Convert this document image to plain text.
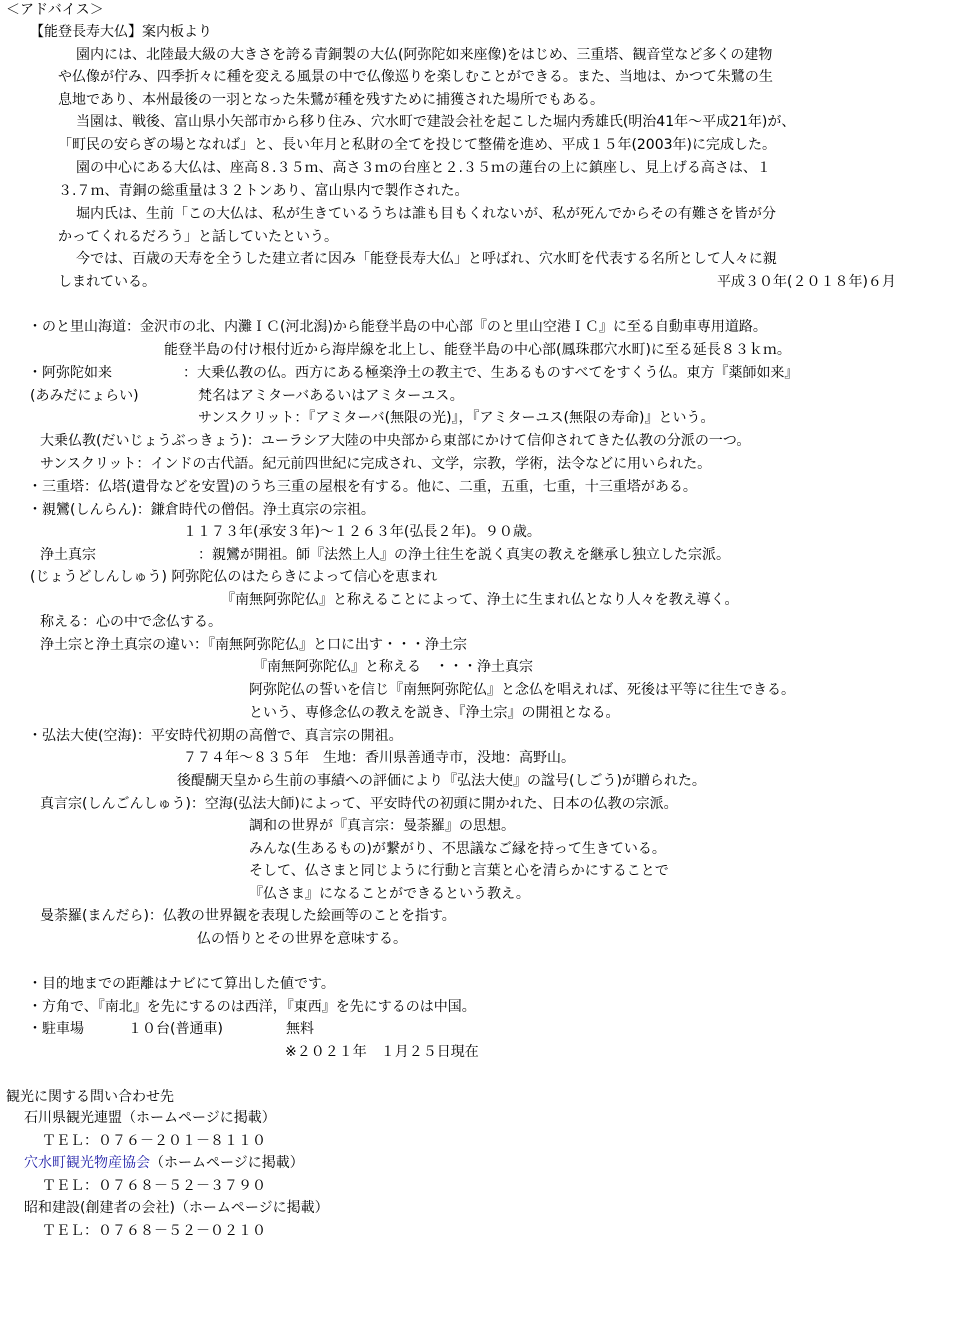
＜アドバイス＞
【能登長寿大仏】案内板より
園内には、北陸最大級の大きさを誇る青銅製の大仏(阿弥陀如来座像)をはじめ、三重塔、観音堂など多くの建物
や仏像が佇み、四季折々に種を変える風景の中で仏像巡りを楽しむことができる。また、当地は、かつて朱鷺の生
息地であり、本州最後の一羽となった朱鷺が種を残すために捕獲された場所でもある。
当園は、戦後、富山県小矢部市から移り住み、穴水町で建設会社を起こした堀内秀雄氏(明治41年～平成21年)が、
「町民の安らぎの場となれば」と、長い年月と私財の全てを投じて整備を進め、平成１５年(2003年)に完成した。
園の中心にある大仏は、座高８.３５ｍ、高さ３ｍの台座と２.３５ｍの蓮台の上に鎮座し、見上げる高さは、１
３.７ｍ、青銅の総重量は３２トンあり、富山県内で製作された。
堀内氏は、生前「この大仏は、私が生きているうちは誰も目もくれないが、私が死んでからその有難さを皆が分
かってくれるだろう」と話していたという。
今では、百歳の天寿を全うした建立者に因み「能登長寿大仏」と呼ばれ、穴水町を代表する名所として人々に親
しまれている。	平成３０年(２０１８年)６月
・のと里山海道：金沢市の北、内灘ＩＣ(河北潟)から能登半島の中心部『のと里山空港ＩＣ』に至る自動車専用道路。
能登半島の付け根付近から海岸線を北上し、能登半島の中心部(鳳珠郡穴水町)に至る延長８３ｋｍ。
・阿弥陀如来	：大乗仏教の仏。西方にある極楽浄土の教主で、生あるものすべてをすくう仏。東方『薬師如来』
(あみだにょらい)	梵名はアミターバあるいはアミターユス。
サンスクリット：『アミターバ(無限の光)』，『アミターユス(無限の寿命)』という。
大乗仏教(だいじょうぶっきょう)：ユーラシア大陸の中央部から東部にかけて信仰されてきた仏教の分派の一つ。
サンスクリット：インドの古代語。紀元前四世紀に完成され、文学，宗教，学術，法令などに用いられた。
・三重塔：仏塔(遺骨などを安置)のうち三重の屋根を有する。他に、二重，五重，七重，十三重塔がある。
・親鸞(しんらん)：鎌倉時代の僧侶。浄土真宗の宗祖。
１１７３年(承安３年)～１２６３年(弘長２年)。９０歳。
浄土真宗	：親鸞が開祖。師『法然上人』の浄土往生を説く真実の教えを継承し独立した宗派。
(じょうどしんしゅう) 阿弥陀仏のはたらきによって信心を恵まれ
『南無阿弥陀仏』と称えることによって、浄土に生まれ仏となり人々を教え導く。
称える：心の中で念仏する。
浄土宗と浄土真宗の違い：『南無阿弥陀仏』と口に出す・・・浄土宗
『南無阿弥陀仏』と称える　・・・浄土真宗
阿弥陀仏の誓いを信じ『南無阿弥陀仏』と念仏を唱えれば、死後は平等に往生できる。
という、専修念仏の教えを説き、『浄土宗』の開祖となる。
・弘法大使(空海)：平安時代初期の高僧で、真言宗の開祖。
７７４年～８３５年　生地：香川県善通寺市，没地：高野山。
後醍醐天皇から生前の事績への評価により『弘法大使』の諡号(しごう)が贈られた。
真言宗(しんごんしゅう)：空海(弘法大師)によって、平安時代の初頭に開かれた、日本の仏教の宗派。
調和の世界が『真言宗：曼荼羅』の思想。
みんな(生あるもの)が繋がり、不思議なご縁を持って生きている。
そして、仏さまと同じように行動と言葉と心を清らかにすることで
『仏さま』になることができるという教え。
曼荼羅(まんだら)：仏教の世界観を表現した絵画等のことを指す。
仏の悟りとその世界を意味する。
・目的地までの距離はナビにて算出した値です。
・方角で、『南北』を先にするのは西洋，『東西』を先にするのは中国。
・駐車場	１０台(普通車)	無料
※２０２１年　１月２５日現在
観光に関する問い合わせ先
石川県観光連盟（ホームページに掲載）
ＴＥＬ：０７６－２０１－８１１０
穴水町観光物産協会（ホームページに掲載）
ＴＥＬ：０７６８－５２－３７９０
昭和建設(創建者の会社)（ホームページに掲載）
ＴＥＬ：０７６８－５２－０２１０
